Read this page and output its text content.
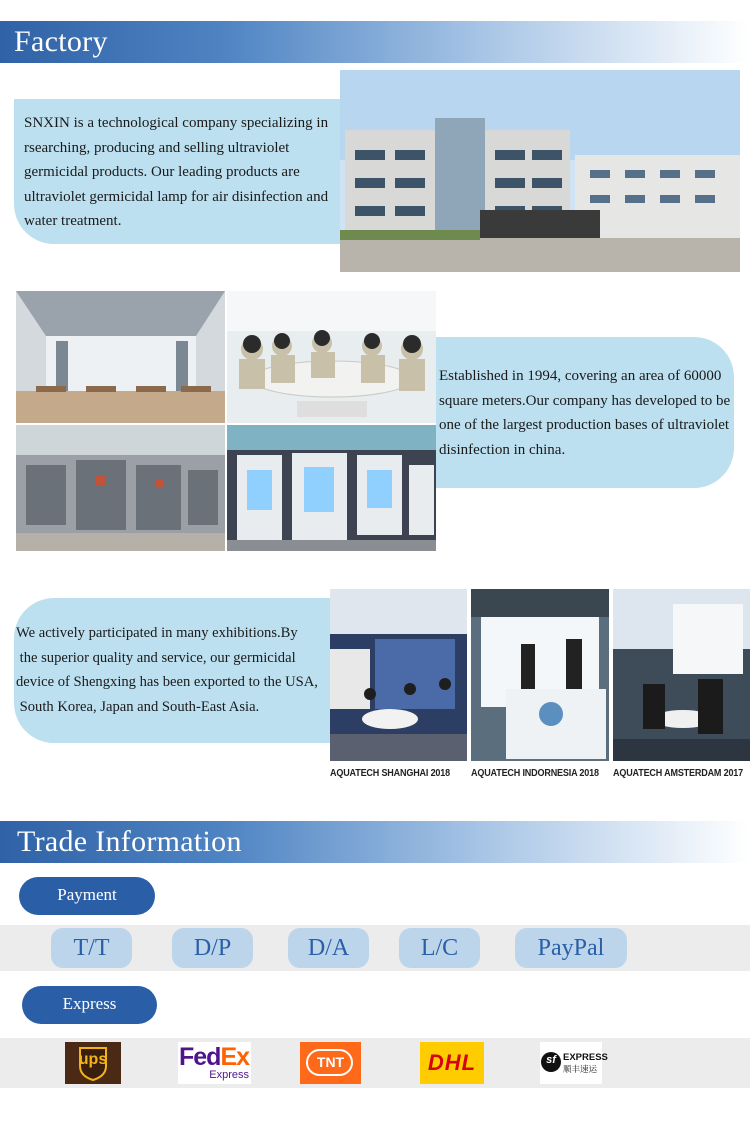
Factory
SNXIN is a technological company specializing in rsearching, producing and selling ultraviolet germicidal products. Our leading products are ultraviolet germicidal lamp for air disinfection and water treatment.
Established in 1994, covering an area of 60000 square meters.Our company has developed to be one of the largest production bases of ultraviolet disinfection in china.
We actively participated in many exhibitions.By
the superior quality and service, our germicidal
device of Shengxing has been exported to the USA,
South Korea, Japan and South-East Asia.
AQUATECH SHANGHAI 2018 AQUATECH INDORNESIA 2018 AQUATECH AMSTERDAM 2017
Trade Information
Payment
T/T	D/P	D/A	L/C	PayPal
Express
ups	FedEx
Express
TNT	DHL	sf EXPRESS
顺丰速运
